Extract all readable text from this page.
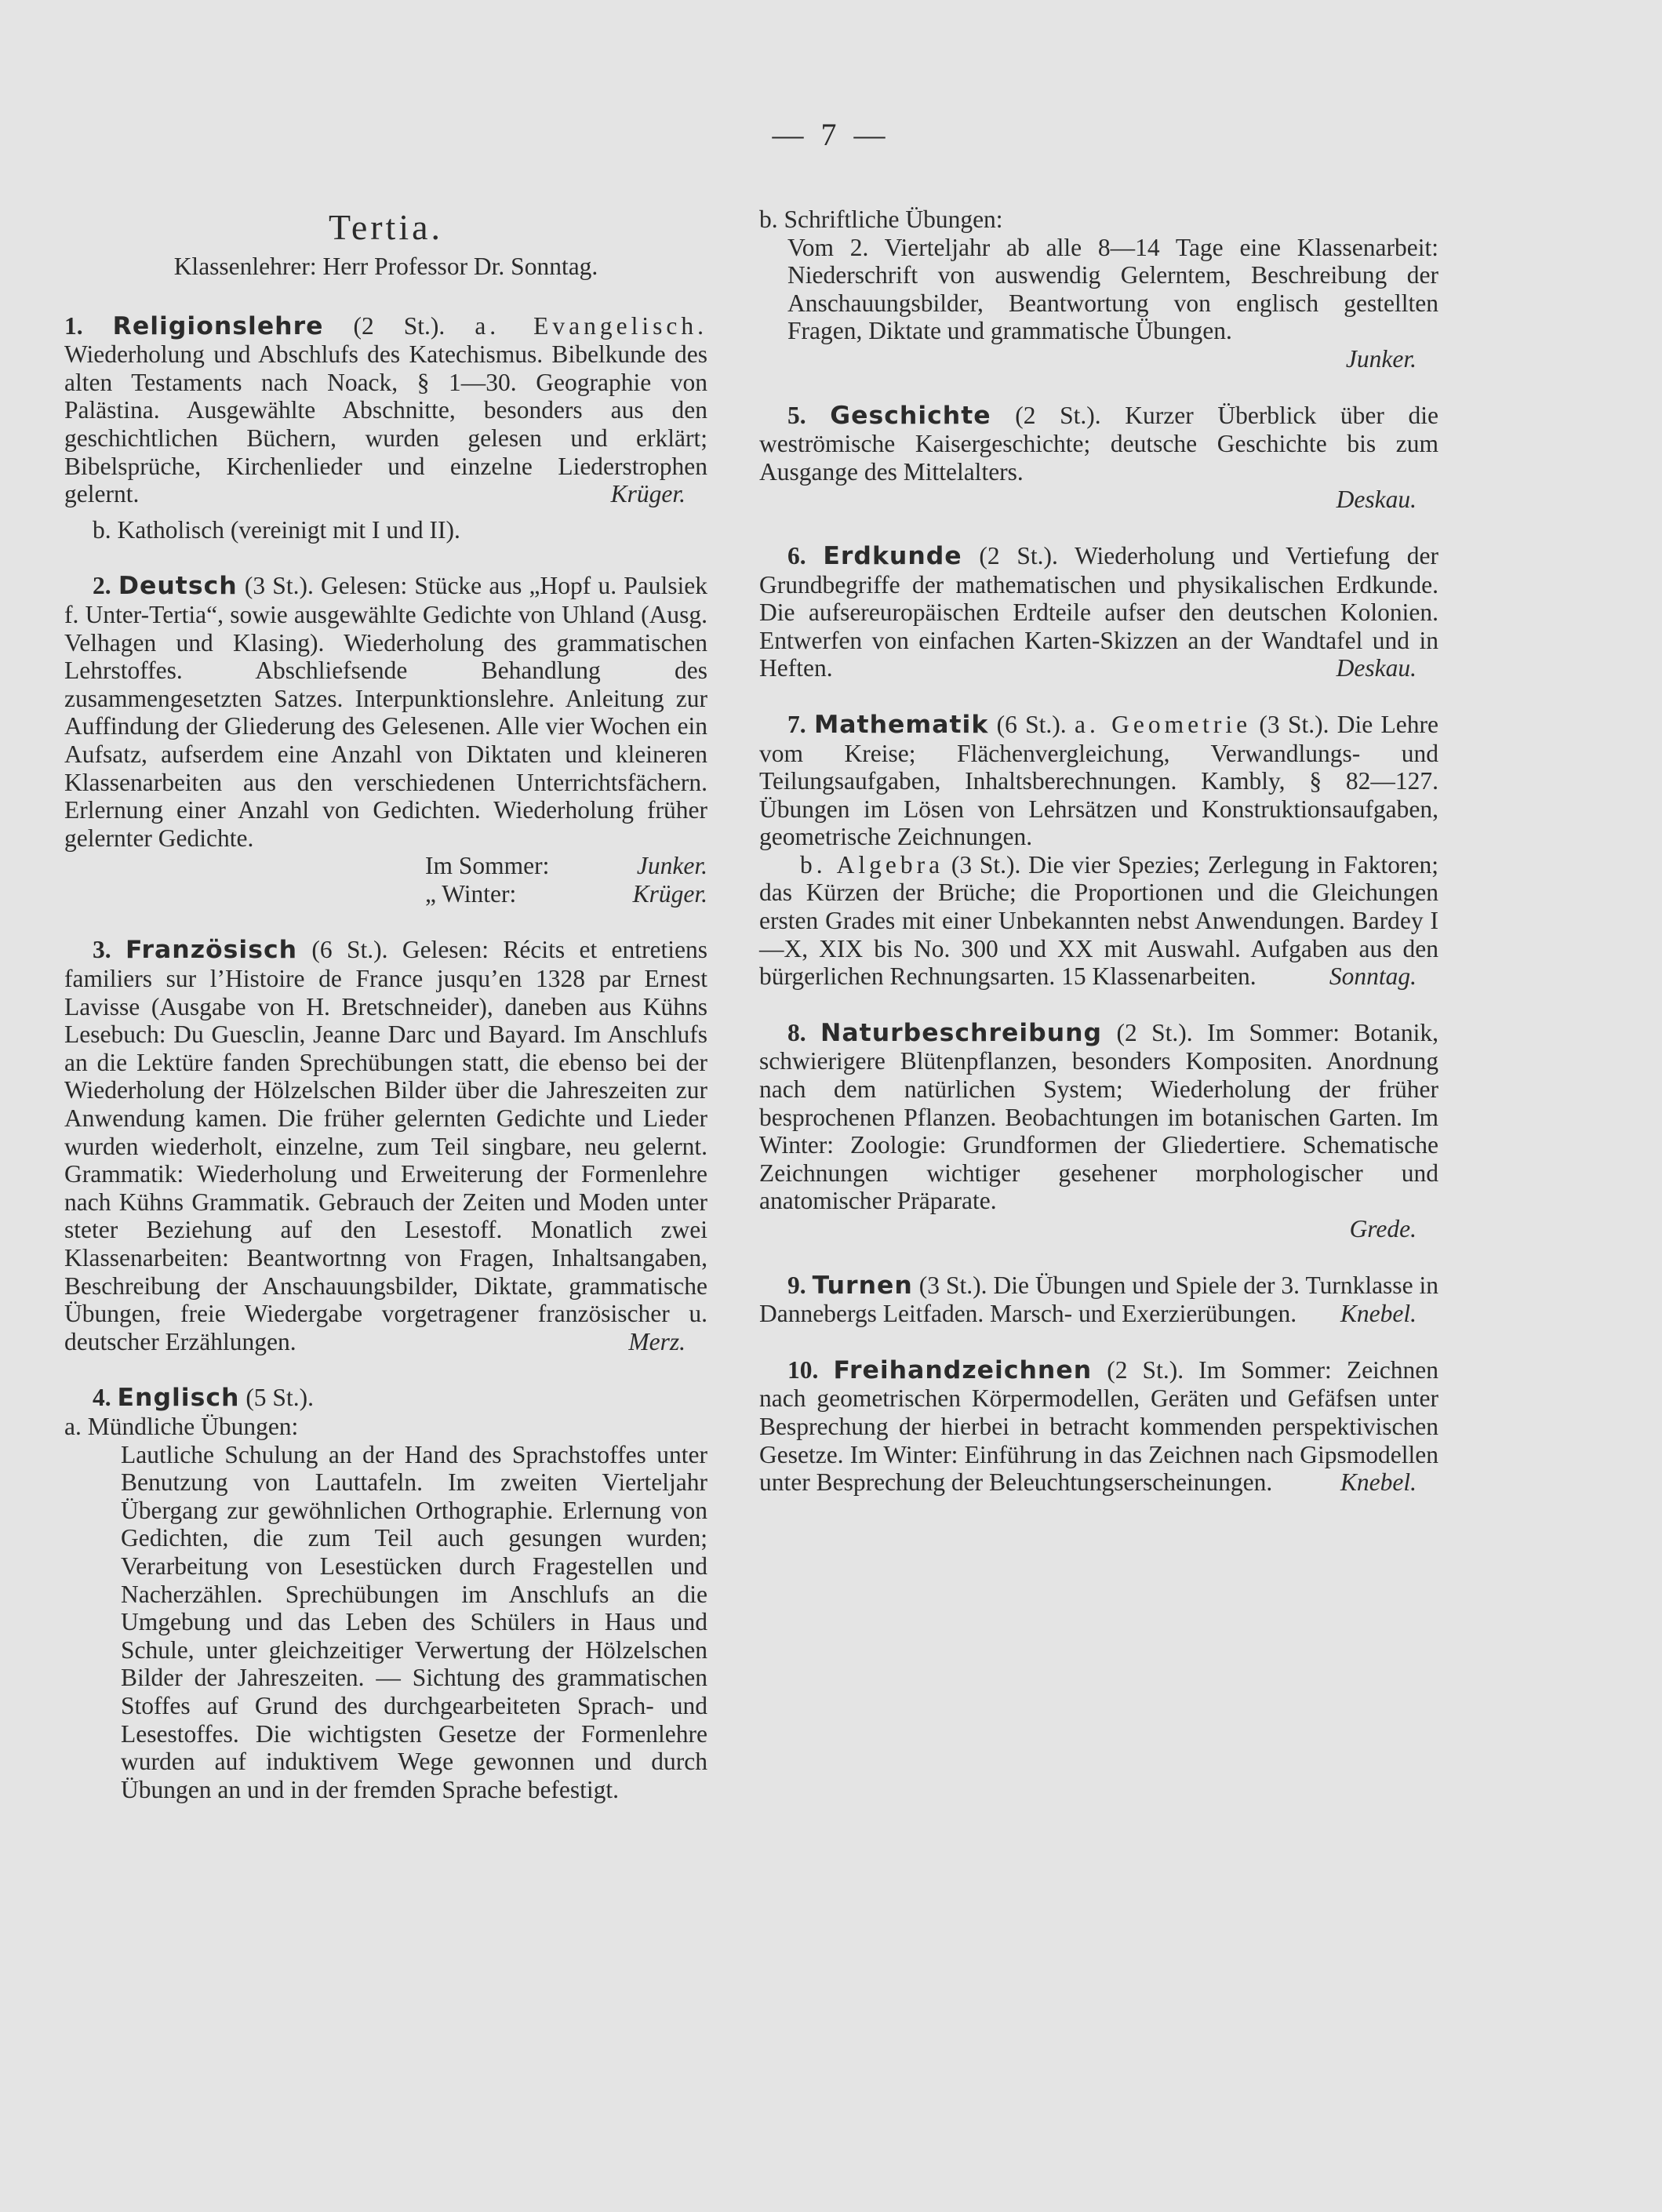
— 7 —
Tertia.

Klassenlehrer: Herr Professor Dr. Sonntag.

1. Religionslehre (2 St.). a. Evangelisch. Wiederholung und Abschlufs des Katechismus. Bibelkunde des alten Testaments nach Noack, § 1—30. Geographie von Palästina. Ausgewählte Abschnitte, besonders aus den geschichtlichen Büchern, wurden gelesen und erklärt; Bibelsprüche, Kirchenlieder und einzelne Liederstrophen gelernt.	Krüger.

b. Katholisch (vereinigt mit I und II).

2. Deutsch (3 St.). Gelesen: Stücke aus „Hopf u. Paulsiek f. Unter-Tertia“, sowie ausgewählte Gedichte von Uhland (Ausg. Velhagen und Klasing). Wiederholung des grammatischen Lehrstoffes. Abschliefsende Behandlung des zusammengesetzten Satzes. Interpunktionslehre. Anleitung zur Auffindung der Gliederung des Gelesenen. Alle vier Wochen ein Aufsatz, aufserdem eine Anzahl von Diktaten und kleineren Klassenarbeiten aus den verschiedenen Unterrichtsfächern. Erlernung einer Anzahl von Gedichten. Wiederholung früher gelernter Gedichte.

Im Sommer:	Junker.
„ Winter:	Krüger.

3. Französisch (6 St.). Gelesen: Récits et entretiens familiers sur l’Histoire de France jusqu’en 1328 par Ernest Lavisse (Ausgabe von H. Bretschneider), daneben aus Kühns Lesebuch: Du Guesclin, Jeanne Darc und Bayard. Im Anschlufs an die Lektüre fanden Sprechübungen statt, die ebenso bei der Wiederholung der Hölzelschen Bilder über die Jahreszeiten zur Anwendung kamen. Die früher gelernten Gedichte und Lieder wurden wiederholt, einzelne, zum Teil singbare, neu gelernt. Grammatik: Wiederholung und Erweiterung der Formenlehre nach Kühns Grammatik. Gebrauch der Zeiten und Moden unter steter Beziehung auf den Lesestoff. Monatlich zwei Klassenarbeiten: Beantwortnng von Fragen, Inhaltsangaben, Beschreibung der Anschauungsbilder, Diktate, grammatische Übungen, freie Wiedergabe vorgetragener französischer u. deutscher Erzählungen.	Merz.

4. Englisch (5 St.).

a. Mündliche Übungen:

Lautliche Schulung an der Hand des Sprachstoffes unter Benutzung von Lauttafeln. Im zweiten Vierteljahr Übergang zur gewöhnlichen Orthographie. Erlernung von Gedichten, die zum Teil auch gesungen wurden; Verarbeitung von Lesestücken durch Fragestellen und Nacherzählen. Sprechübungen im Anschlufs an die Umgebung und das Leben des Schülers in Haus und Schule, unter gleichzeitiger Verwertung der Hölzelschen Bilder der Jahreszeiten. — Sichtung des grammatischen Stoffes auf Grund des durchgearbeiteten Sprach- und Lesestoffes. Die wichtigsten Gesetze der Formenlehre wurden auf induktivem Wege gewonnen und durch Übungen an und in der fremden Sprache befestigt.

b. Schriftliche Übungen:

Vom 2. Vierteljahr ab alle 8—14 Tage eine Klassenarbeit: Niederschrift von auswendig Gelerntem, Beschreibung der Anschauungsbilder, Beantwortung von englisch gestellten Fragen, Diktate und grammatische Übungen.

Junker.

5. Geschichte (2 St.). Kurzer Überblick über die weströmische Kaisergeschichte; deutsche Geschichte bis zum Ausgange des Mittelalters.

Deskau.

6. Erdkunde (2 St.). Wiederholung und Vertiefung der Grundbegriffe der mathematischen und physikalischen Erdkunde. Die aufsereuropäischen Erdteile aufser den deutschen Kolonien. Entwerfen von einfachen Karten-Skizzen an der Wandtafel und in Heften.	Deskau.

7. Mathematik (6 St.). a. Geometrie (3 St.). Die Lehre vom Kreise; Flächenvergleichung, Verwandlungs- und Teilungsaufgaben, Inhaltsberechnungen. Kambly, § 82—127. Übungen im Lösen von Lehrsätzen und Konstruktionsaufgaben, geometrische Zeichnungen.

b. Algebra (3 St.). Die vier Spezies; Zerlegung in Faktoren; das Kürzen der Brüche; die Proportionen und die Gleichungen ersten Grades mit einer Unbekannten nebst Anwendungen. Bardey I—X, XIX bis No. 300 und XX mit Auswahl. Aufgaben aus den bürgerlichen Rechnungsarten. 15 Klassenarbeiten.	Sonntag.

8. Naturbeschreibung (2 St.). Im Sommer: Botanik, schwierigere Blütenpflanzen, besonders Kompositen. Anordnung nach dem natürlichen System; Wiederholung der früher besprochenen Pflanzen. Beobachtungen im botanischen Garten. Im Winter: Zoologie: Grundformen der Gliedertiere. Schematische Zeichnungen wichtiger gesehener morphologischer und anatomischer Präparate.

Grede.

9. Turnen (3 St.). Die Übungen und Spiele der 3. Turnklasse in Dannebergs Leitfaden. Marsch- und Exerzierübungen. Knebel.

10. Freihandzeichnen (2 St.). Im Sommer: Zeichnen nach geometrischen Körpermodellen, Geräten und Gefäfsen unter Besprechung der hierbei in betracht kommenden perspektivischen Gesetze. Im Winter: Einführung in das Zeichnen nach Gipsmodellen unter Besprechung der Beleuchtungserscheinungen.	Knebel.
